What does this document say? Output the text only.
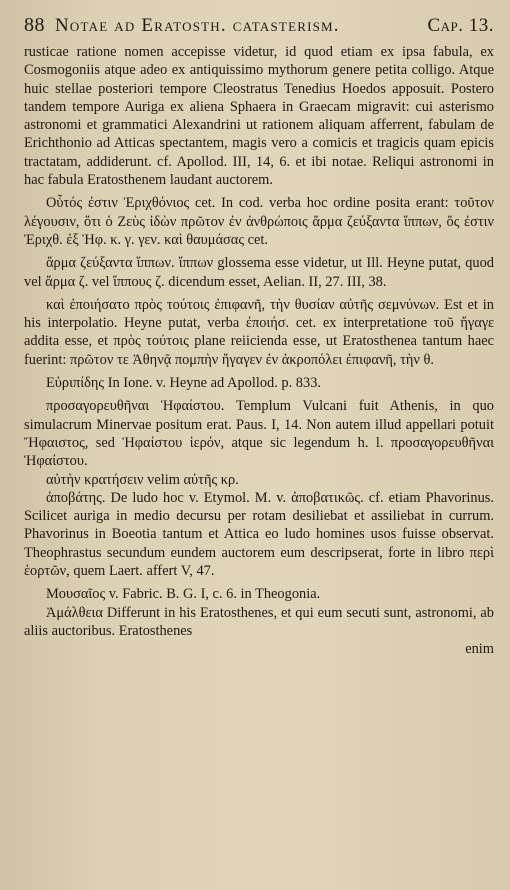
88 Notae ad Eratosth. catasterism.	Cap. 13.

rusticae ratione nomen accepisse videtur, id quod etiam ex ipsa fabula, ex Cosmogoniis atque adeo ex antiquissimo mythorum genere petita colligo. Atque huic stellae posteriori tempore Cleostratus Tenedius Hoedos apposuit. Postero tandem tempore Auriga ex aliena Sphaera in Graecam migravit: cui asterismo astronomi et grammatici Alexandrini ut rationem aliquam afferrent, fabulam de Erichthonio ad Atticas spectantem, magis vero a comicis et tragicis quam epicis tractatam, addiderunt. cf. Apollod. III, 14, 6. et ibi notae. Reliqui astronomi in hac fabula Eratosthenem laudant auctorem.

Οὗτός ἐστιν Ἐριχθόνιος cet. In cod. verba hoc ordine posita erant: τοῦτον λέγουσιν, ὅτι ὁ Ζεὺς ἰδὼν πρῶτον ἐν ἀνθρώποις ἅρμα ζεύξαντα ἵππων, ὅς ἐστιν Ἐριχθ. ἐξ Ἡφ. κ. γ. γεν. καὶ θαυμάσας cet.

ἅρμα ζεύξαντα ἵππων. ἵππων glossema esse videtur, ut Ill. Heyne putat, quod vel ἅρμα ζ. vel ἵππους ζ. dicendum esset, Aelian. II, 27. III, 38.

καὶ ἐποιήσατο πρὸς τούτοις ἐπιφανῆ, τὴν θυσίαν αὐτῆς σεμνύνων. Est et in his interpolatio. Heyne putat, verba ἐποιήσ. cet. ex interpretatione τοῦ ἤγαγε addita esse, et πρὸς τούτοις plane reiicienda esse, ut Eratosthenea tantum haec fuerint: πρῶτον τε Ἀθηνᾷ πομπὴν ἤγαγεν ἐν ἀκροπόλει ἐπιφανῆ, τὴν θ.

Εὐριπίδης In Ione. v. Heyne ad Apollod. p. 833.

προσαγορευθῆναι Ἡφαίστου. Templum Vulcani fuit Athenis, in quo simulacrum Minervae positum erat. Paus. I, 14. Non autem illud appellari potuit Ἥφαιστος, sed Ἡφαίστου ἱερόν, atque sic legendum h. l. προσαγορευθῆναι Ἡφαίστου.

αὐτὴν κρατήσειν velim αὐτῆς κρ.

ἀποβάτης. De ludo hoc v. Etymol. M. v. ἀποβατικῶς. cf. etiam Phavorinus. Scilicet auriga in medio decursu per rotam desiliebat et assiliebat in currum. Phavorinus in Boeotia tantum et Attica eo ludo homines usos fuisse observat. Theophrastus secundum eundem auctorem eum descripserat, forte in libro περὶ ἑορτῶν, quem Laert. affert V, 47.

Μουσαῖος v. Fabric. B. G. I, c. 6. in Theogonia.

Ἀμάλθεια Differunt in his Eratosthenes, et qui eum secuti sunt, astronomi, ab aliis auctoribus. Eratosthenes

enim
